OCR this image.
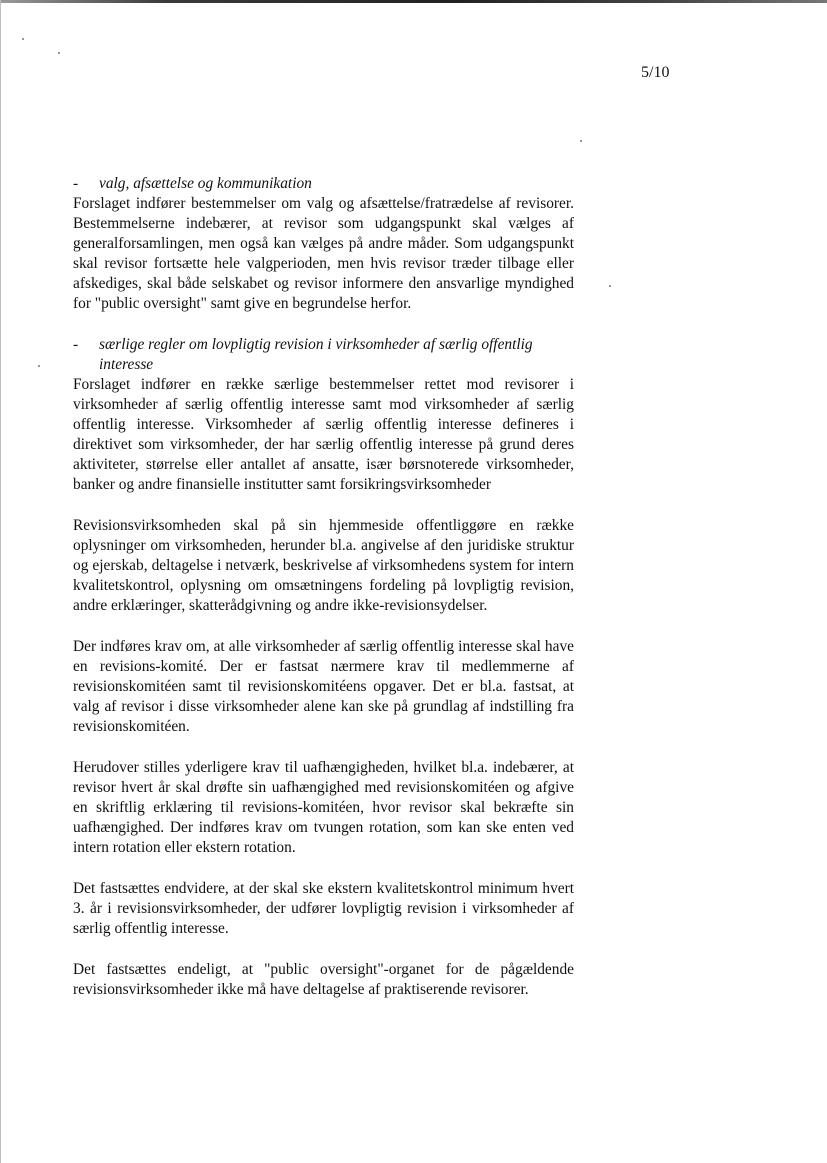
5/10
- valg, afsættelse og kommunikation

Forslaget indfører bestemmelser om valg og afsættelse/fratrædelse af revisorer. Bestemmelserne indebærer, at revisor som udgangspunkt skal vælges af generalforsamlingen, men også kan vælges på andre måder. Som udgangspunkt skal revisor fortsætte hele valgperioden, men hvis revisor træder tilbage eller afskediges, skal både selskabet og revisor informere den ansvarlige myndighed for "public oversight" samt give en begrundelse herfor.

- særlige regler om lovpligtig revision i virksomheder af særlig offentlig interesse

Forslaget indfører en række særlige bestemmelser rettet mod revisorer i virksomheder af særlig offentlig interesse samt mod virksomheder af særlig offentlig interesse. Virksomheder af særlig offentlig interesse defineres i direktivet som virksomheder, der har særlig offentlig interesse på grund deres aktiviteter, størrelse eller antallet af ansatte, især børsnoterede virksomheder, banker og andre finansielle institutter samt forsikringsvirksomheder

Revisionsvirksomheden skal på sin hjemmeside offentliggøre en række oplysninger om virksomheden, herunder bl.a. angivelse af den juridiske struktur og ejerskab, deltagelse i netværk, beskrivelse af virksomhedens system for intern kvalitetskontrol, oplysning om omsætningens fordeling på lovpligtig revision, andre erklæringer, skatterådgivning og andre ikke-revisionsydelser.

Der indføres krav om, at alle virksomheder af særlig offentlig interesse skal have en revisions-komité. Der er fastsat nærmere krav til medlemmerne af revisionskomitéen samt til revisionskomitéens opgaver. Det er bl.a. fastsat, at valg af revisor i disse virksomheder alene kan ske på grundlag af indstilling fra revisionskomitéen.

Herudover stilles yderligere krav til uafhængigheden, hvilket bl.a. indebærer, at revisor hvert år skal drøfte sin uafhængighed med revisionskomitéen og afgive en skriftlig erklæring til revisions-komitéen, hvor revisor skal bekræfte sin uafhængighed. Der indføres krav om tvungen rotation, som kan ske enten ved intern rotation eller ekstern rotation.

Det fastsættes endvidere, at der skal ske ekstern kvalitetskontrol minimum hvert 3. år i revisionsvirksomheder, der udfører lovpligtig revision i virksomheder af særlig offentlig interesse.

Det fastsættes endeligt, at "public oversight"-organet for de pågældende revisionsvirksomheder ikke må have deltagelse af praktiserende revisorer.
